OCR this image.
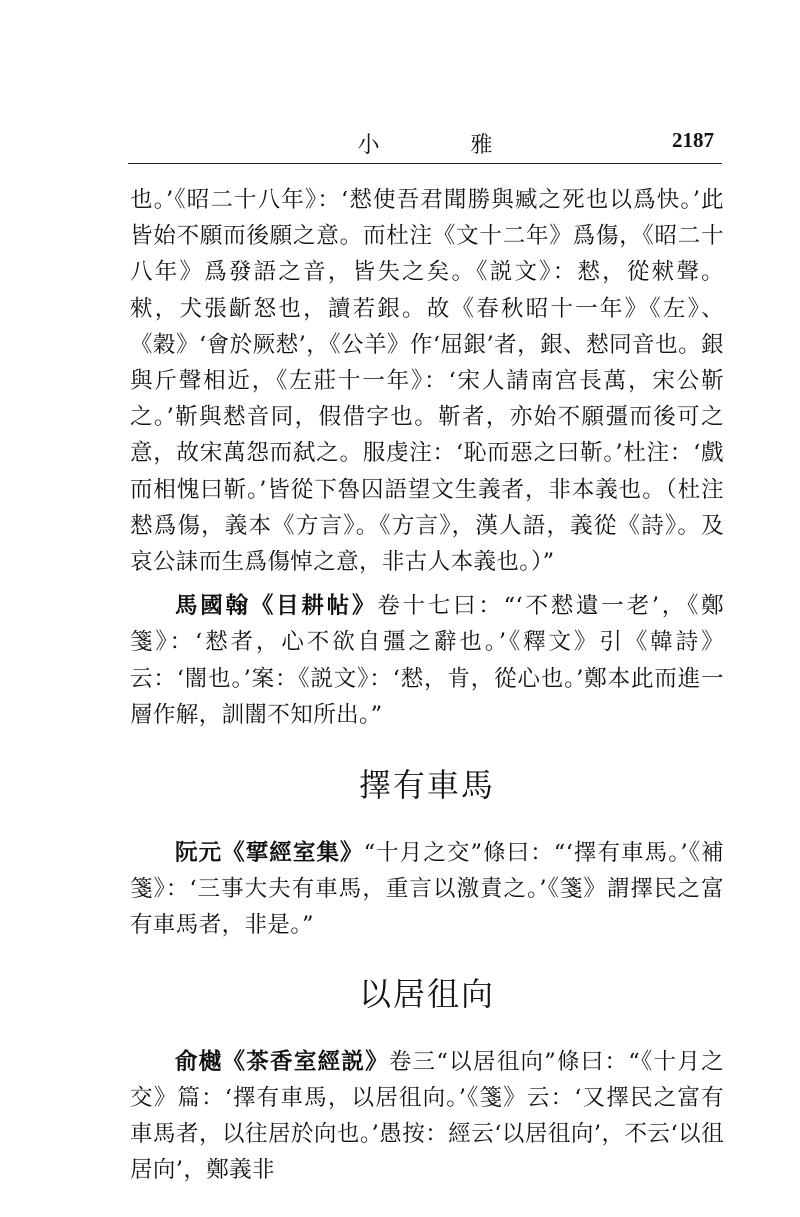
小 雅	2187

也。’《昭二十八年》：‘慭使吾君聞勝與臧之死也以爲快。’此皆始不願而後願之意。而杜注《文十二年》爲傷，《昭二十八年》爲發語之音，皆失之矣。《説文》：慭，從猌聲。猌，犬張齗怒也，讀若銀。故《春秋昭十一年》《左》、《穀》‘會於厥慭’，《公羊》作‘屈銀’者，銀、慭同音也。銀與斤聲相近，《左莊十一年》：‘宋人請南宫長萬，宋公靳之。’靳與慭音同，假借字也。靳者，亦始不願彊而後可之意，故宋萬怨而弑之。服虔注：‘恥而惡之曰靳。’杜注：‘戲而相愧曰靳。’皆從下魯囚語望文生義者，非本義也。（杜注慭爲傷，義本《方言》。《方言》，漢人語，義從《詩》。及哀公誄而生爲傷悼之意，非古人本義也。）”

馬國翰《目耕帖》卷十七曰：“‘不慭遺一老’，《鄭箋》：‘慭者，心不欲自彊之辭也。’《釋文》引《韓詩》云：‘闇也。’案：《説文》：‘慭，肯，從心也。’鄭本此而進一層作解，訓闇不知所出。”

擇有車馬

阮元《揅經室集》“十月之交”條曰：“‘擇有車馬。’《補箋》：‘三事大夫有車馬，重言以激責之。’《箋》謂擇民之富有車馬者，非是。”

以居徂向

俞樾《茶香室經説》卷三“以居徂向”條曰：“《十月之交》篇：‘擇有車馬，以居徂向。’《箋》云：‘又擇民之富有車馬者，以往居於向也。’愚按：經云‘以居徂向’，不云‘以徂居向’，鄭義非
